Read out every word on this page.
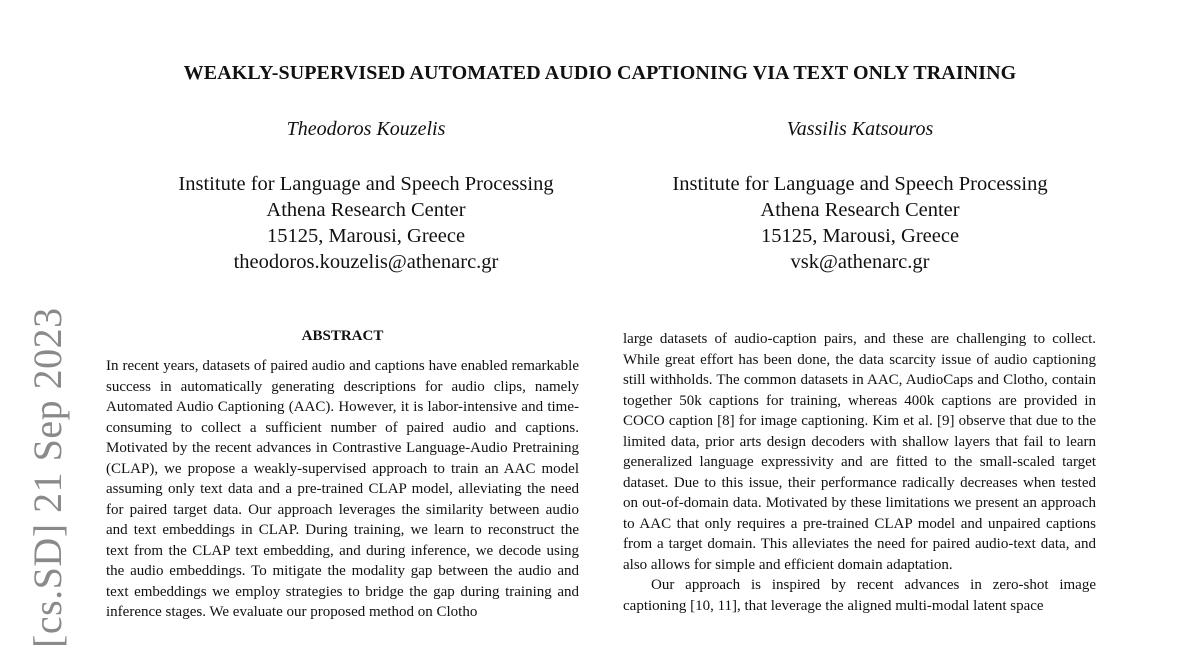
[cs.SD] 21 Sep 2023
WEAKLY-SUPERVISED AUTOMATED AUDIO CAPTIONING VIA TEXT ONLY TRAINING
Theodoros Kouzelis	Vassilis Katsouros
Institute for Language and Speech Processing
Athena Research Center
15125, Marousi, Greece
theodoros.kouzelis@athenarc.gr
Institute for Language and Speech Processing
Athena Research Center
15125, Marousi, Greece
vsk@athenarc.gr
ABSTRACT

In recent years, datasets of paired audio and captions have enabled remarkable success in automatically generating descriptions for audio clips, namely Automated Audio Captioning (AAC). However, it is labor-intensive and time-consuming to collect a sufficient number of paired audio and captions. Motivated by the recent advances in Contrastive Language-Audio Pretraining (CLAP), we propose a weakly-supervised approach to train an AAC model assuming only text data and a pre-trained CLAP model, alleviating the need for paired target data. Our approach leverages the similarity between audio and text embeddings in CLAP. During training, we learn to reconstruct the text from the CLAP text embedding, and during inference, we decode using the audio embeddings. To mitigate the modality gap between the audio and text embeddings we employ strategies to bridge the gap during training and inference stages. We evaluate our proposed method on Clotho

large datasets of audio-caption pairs, and these are challenging to collect. While great effort has been done, the data scarcity issue of audio captioning still withholds. The common datasets in AAC, AudioCaps and Clotho, contain together 50k captions for training, whereas 400k captions are provided in COCO caption [8] for image captioning. Kim et al. [9] observe that due to the limited data, prior arts design decoders with shallow layers that fail to learn generalized language expressivity and are fitted to the small-scaled target dataset. Due to this issue, their performance radically decreases when tested on out-of-domain data. Motivated by these limitations we present an approach to AAC that only requires a pre-trained CLAP model and unpaired captions from a target domain. This alleviates the need for paired audio-text data, and also allows for simple and efficient domain adaptation.

Our approach is inspired by recent advances in zero-shot image captioning [10, 11], that leverage the aligned multi-modal latent space
